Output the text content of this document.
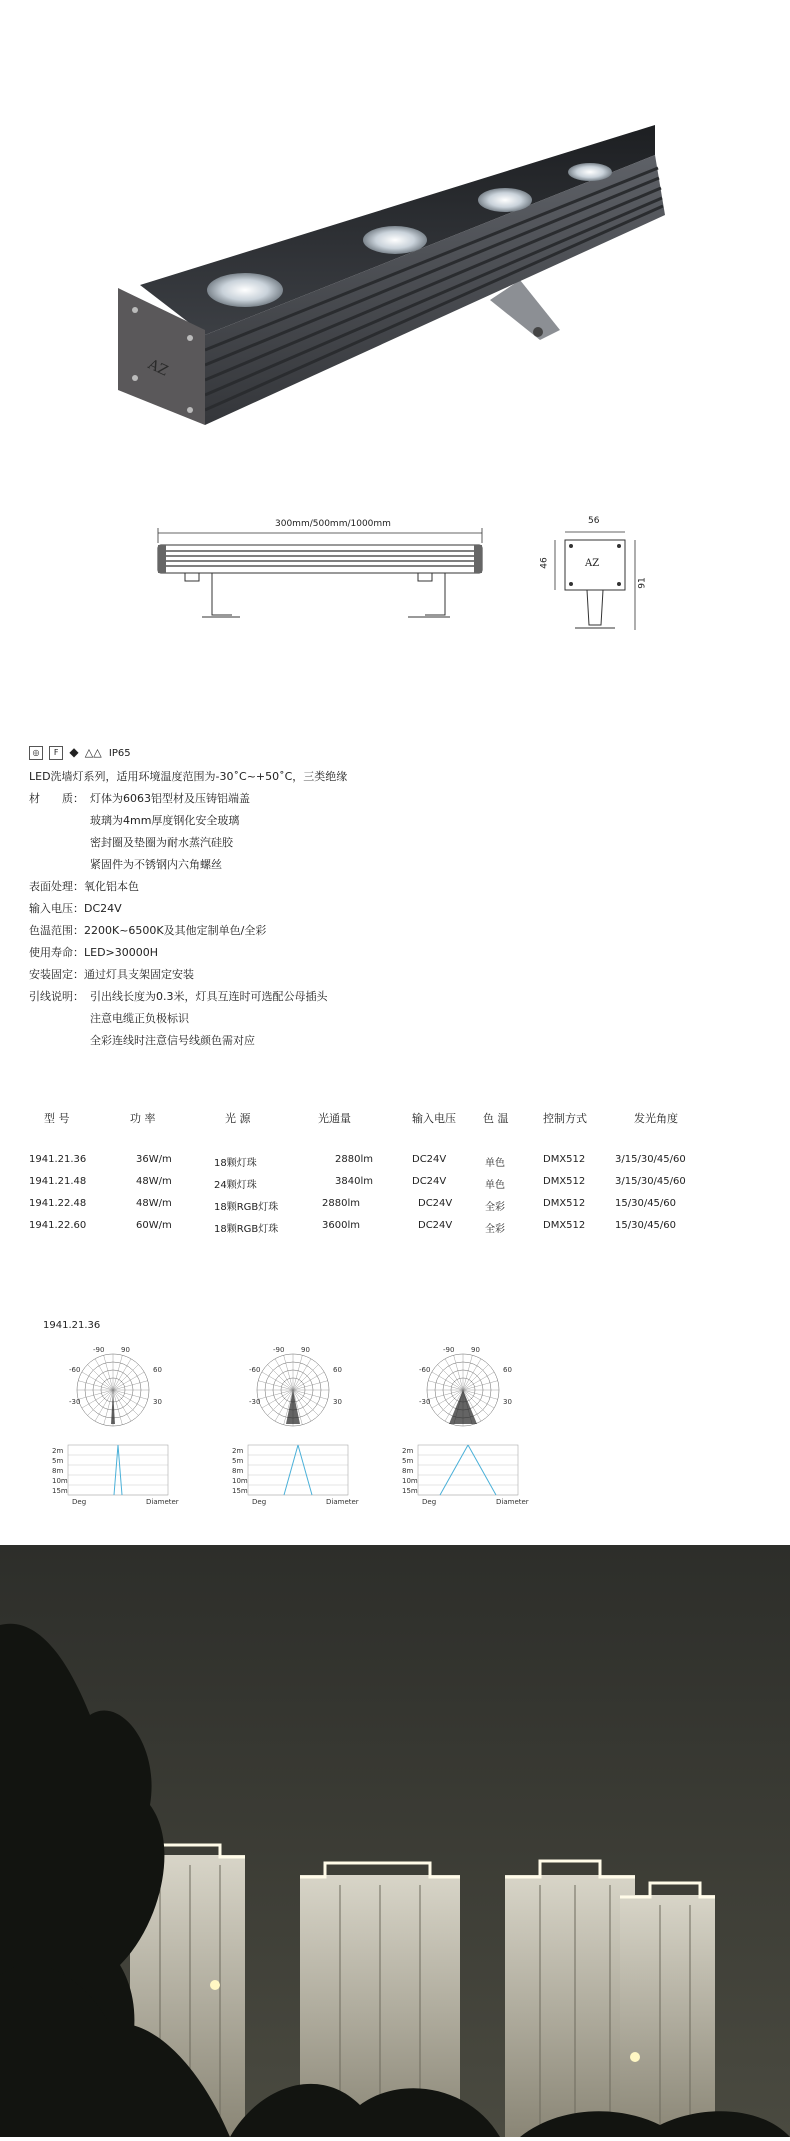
AZ
300mm/500mm/1000mm	56
46
91
AZ
◎ F ◆ △△ IP65
LED洗墙灯系列，适用环境温度范围为-30˚C~+50˚C，三类绝缘
材　　质： 灯体为6063铝型材及压铸铝端盖
玻璃为4mm厚度钢化安全玻璃
密封圈及垫圈为耐水蒸汽硅胶
紧固件为不锈钢内六角螺丝
表面处理：氧化铝本色
输入电压：DC24V
色温范围：2200K~6500K及其他定制单色/全彩
使用寿命：LED>30000H
安装固定：通过灯具支架固定安装
引线说明： 引出线长度为0.3米，灯具互连时可选配公母插头
注意电缆正负极标识
全彩连线时注意信号线颜色需对应
型 号	功 率	光 源	光通量	输入电压 色 温	控制方式	发光角度
1941.21.36	36W/m	18颗灯珠	2880lm	DC24V	单色	DMX512	3/15/30/45/60
1941.21.48	48W/m	24颗灯珠	3840lm	DC24V	单色	DMX512	3/15/30/45/60
1941.22.48	48W/m	18颗RGB灯珠	2880lm	DC24V	全彩	DMX512	15/30/45/60
1941.22.60	60W/m	18颗RGB灯珠	3600lm	DC24V	全彩	DMX512	15/30/45/60
1941.21.36
-90 90
-60	60
-30	30
2m
5m
8m
10m
15m
Deg	Diameter
-90 90
-60	60
-30	30
2m
5m
8m
10m
15m
Deg	Diameter
-90 90
-60	60
-30	30
2m
5m
8m
10m
15m
Deg	Diameter
